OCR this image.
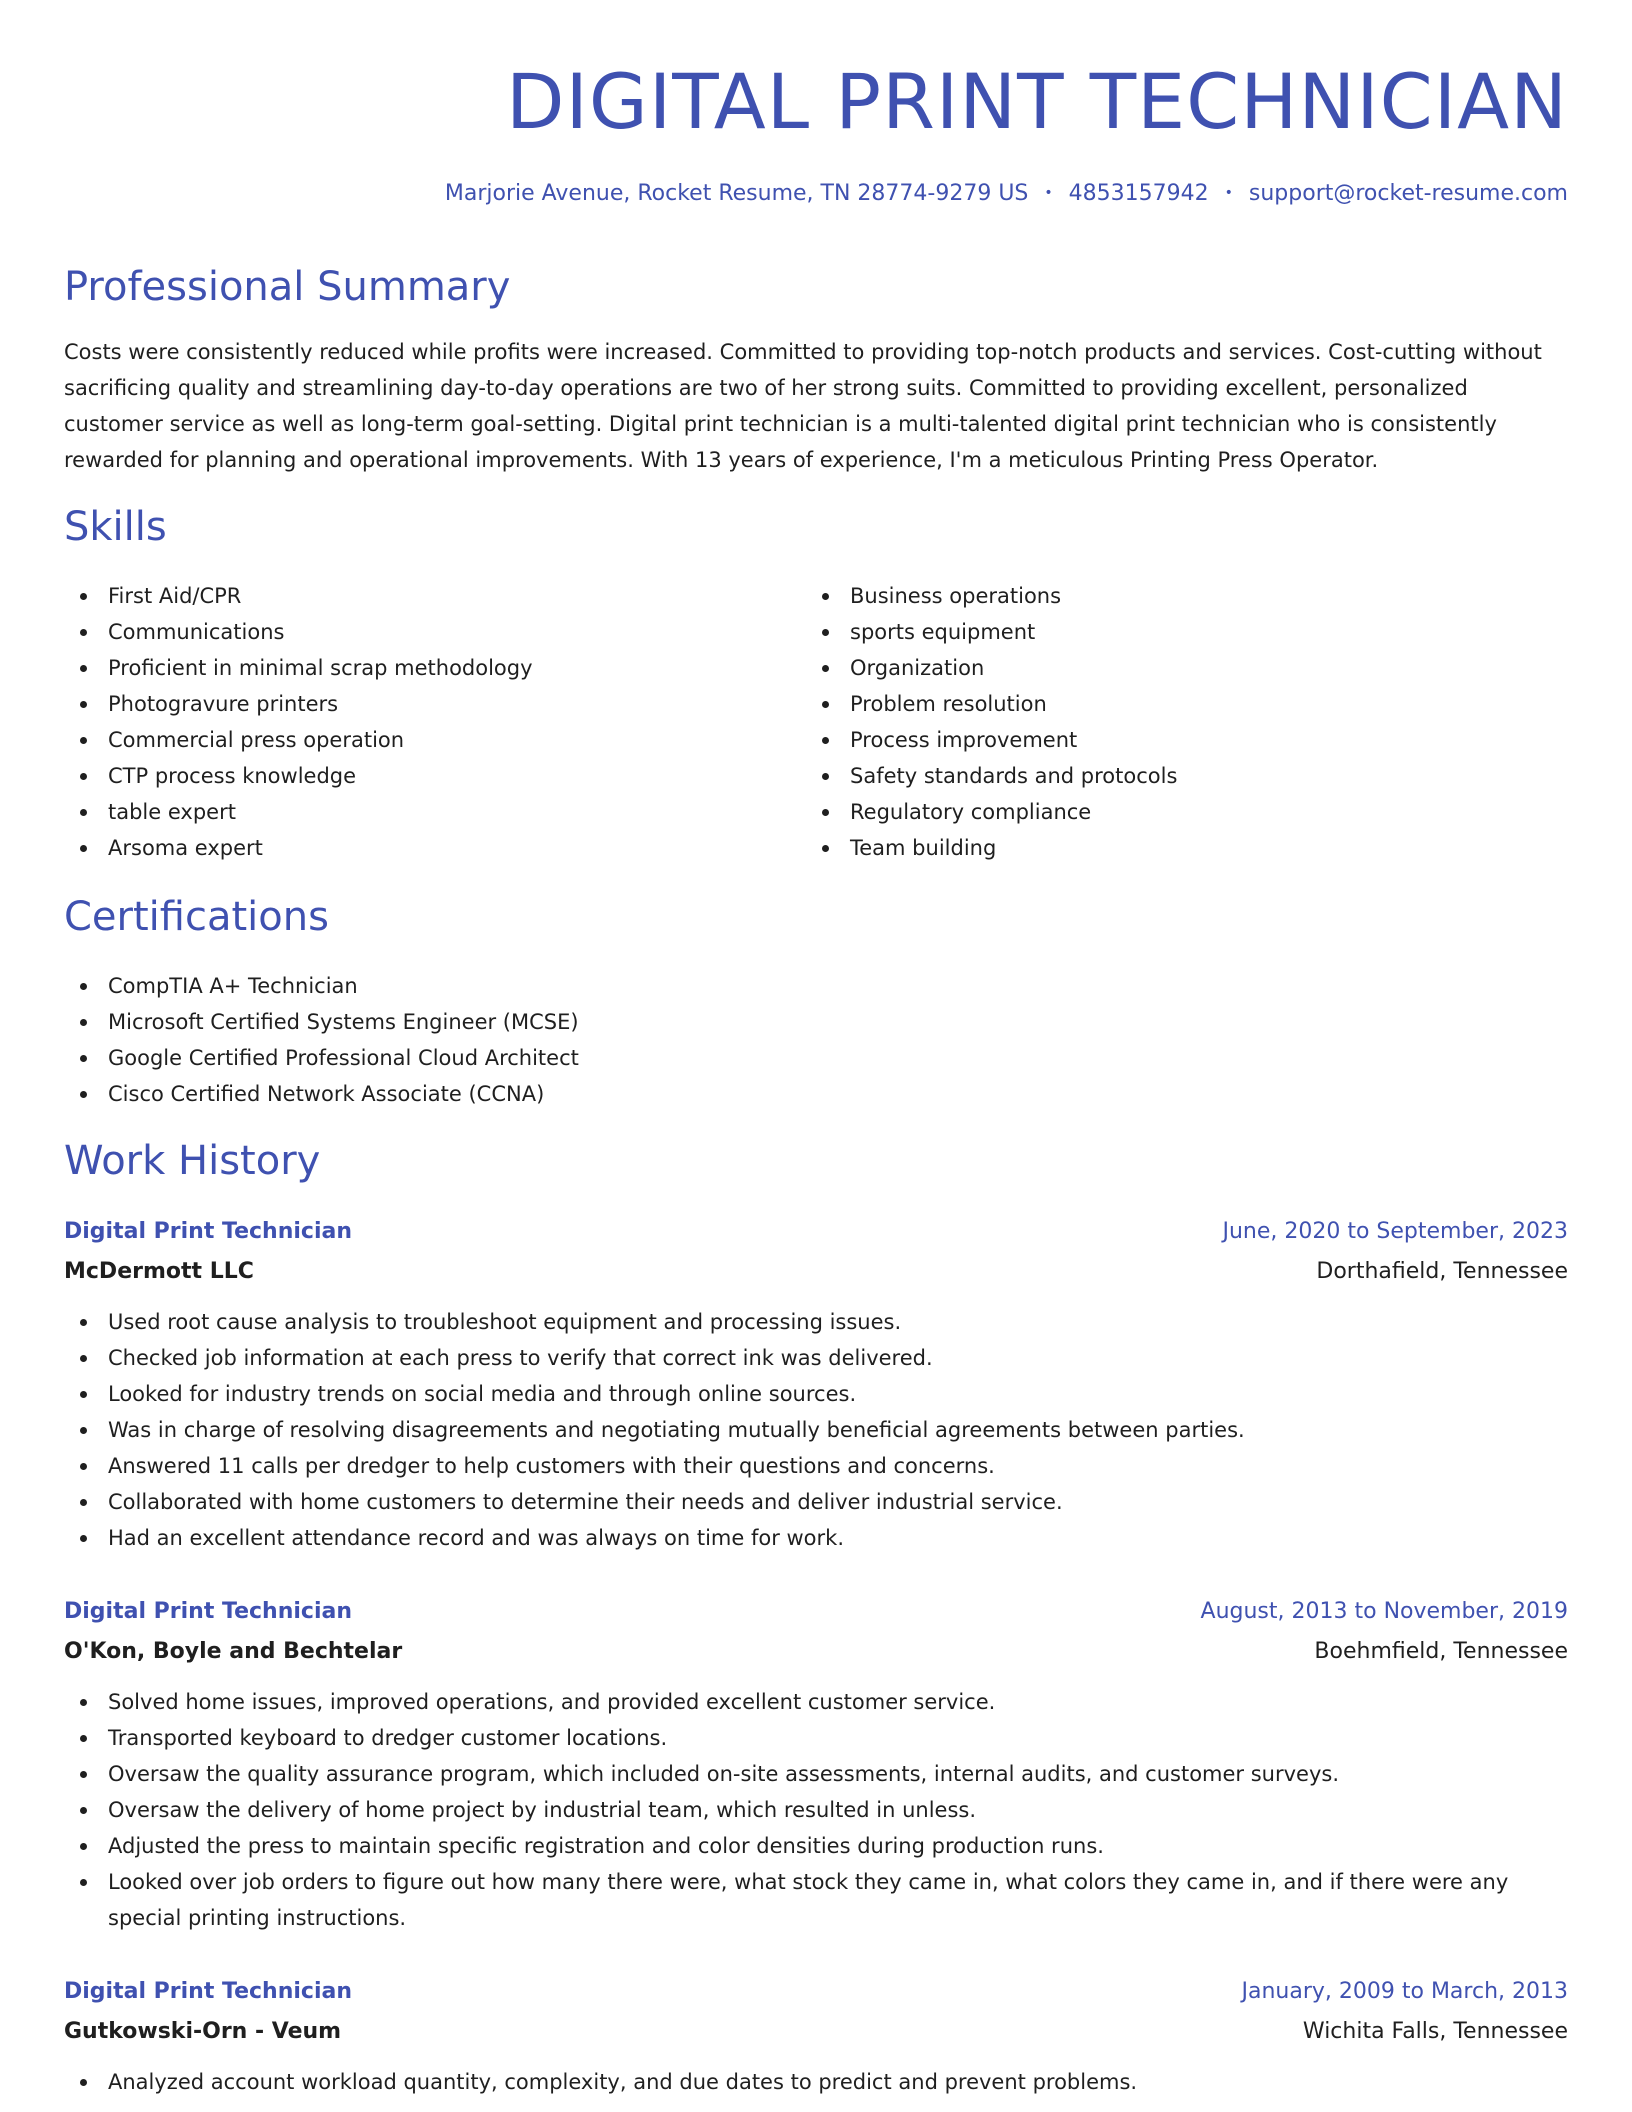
DIGITAL PRINT TECHNICIAN
Marjorie Avenue, Rocket Resume, TN 28774-9279 US • 4853157942 • support@rocket-resume.com
Professional Summary

Costs were consistently reduced while profits were increased. Committed to providing top-notch products and services. Cost-cutting without sacrificing quality and streamlining day-to-day operations are two of her strong suits. Committed to providing excellent, personalized customer service as well as long-term goal-setting. Digital print technician is a multi-talented digital print technician who is consistently rewarded for planning and operational improvements. With 13 years of experience, I'm a meticulous Printing Press Operator.

Skills
First Aid/CPR
Communications
Proficient in minimal scrap methodology
Photogravure printers
Commercial press operation
CTP process knowledge
table expert
Arsoma expert
Business operations
sports equipment
Organization
Problem resolution
Process improvement
Safety standards and protocols
Regulatory compliance
Team building
Certifications
CompTIA A+ Technician
Microsoft Certified Systems Engineer (MCSE)
Google Certified Professional Cloud Architect
Cisco Certified Network Associate (CCNA)
Work History
Digital Print Technician	June, 2020 to September, 2023
McDermott LLC	Dorthafield, Tennessee
Used root cause analysis to troubleshoot equipment and processing issues.
Checked job information at each press to verify that correct ink was delivered.
Looked for industry trends on social media and through online sources.
Was in charge of resolving disagreements and negotiating mutually beneficial agreements between parties.
Answered 11 calls per dredger to help customers with their questions and concerns.
Collaborated with home customers to determine their needs and deliver industrial service.
Had an excellent attendance record and was always on time for work.
Digital Print Technician	August, 2013 to November, 2019
O'Kon, Boyle and Bechtelar	Boehmfield, Tennessee
Solved home issues, improved operations, and provided excellent customer service.
Transported keyboard to dredger customer locations.
Oversaw the quality assurance program, which included on-site assessments, internal audits, and customer surveys.
Oversaw the delivery of home project by industrial team, which resulted in unless.
Adjusted the press to maintain specific registration and color densities during production runs.
Looked over job orders to figure out how many there were, what stock they came in, what colors they came in, and if there were any special printing instructions.
Digital Print Technician	January, 2009 to March, 2013
Gutkowski-Orn - Veum	Wichita Falls, Tennessee
Analyzed account workload quantity, complexity, and due dates to predict and prevent problems.
